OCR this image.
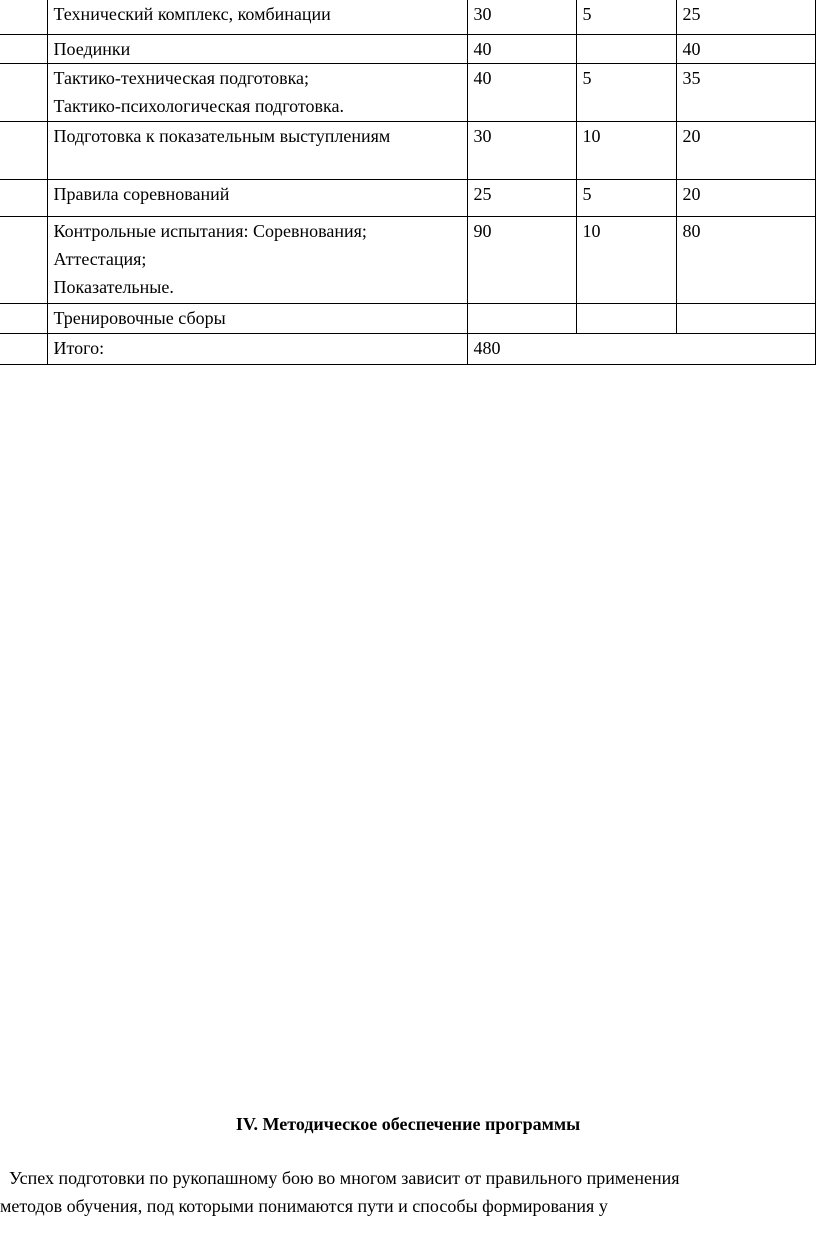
	Технический комплекс, комбинации	30	5	25
	Поединки	40		40

	Тактико-техническая подготовка;
Тактико-психологическая подготовка.	40	5	35
	Подготовка к показательным выступлениям	30	10	20
	Правила соревнований	25	5	20

	Контрольные испытания: Соревнования;
Аттестация;
Показательные.	90	10	80
	Тренировочные сборы			
	Итого:	480		
IV. Методическое обеспечение программы

Успех подготовки по рукопашному бою во многом зависит от правильного применения
методов обучения, под которыми понимаются пути и способы формирования у
